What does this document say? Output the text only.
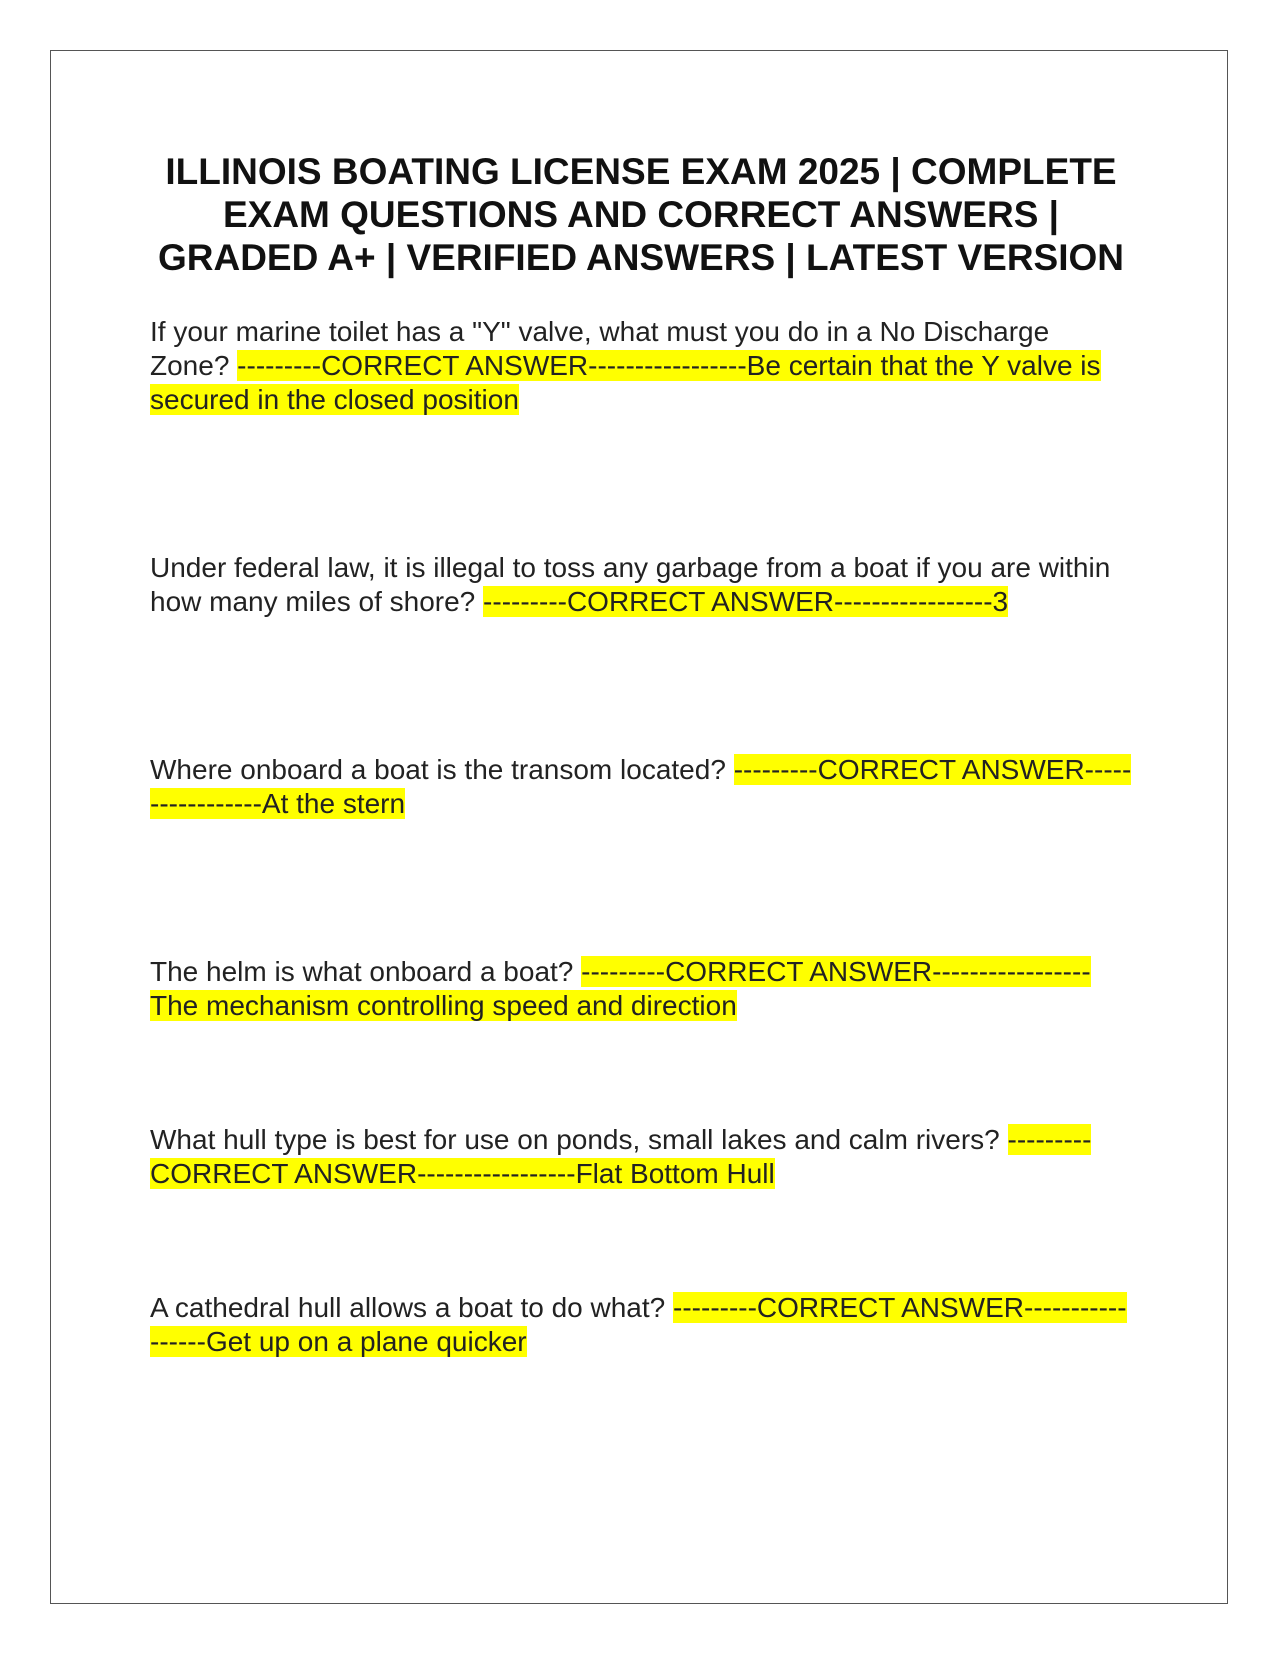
ILLINOIS BOATING LICENSE EXAM 2025 | COMPLETE EXAM QUESTIONS AND CORRECT ANSWERS | GRADED A+ | VERIFIED ANSWERS | LATEST VERSION

If your marine toilet has a "Y" valve, what must you do in a No Discharge Zone? ---------CORRECT ANSWER-----------------Be certain that the Y valve is secured in the closed position

Under federal law, it is illegal to toss any garbage from a boat if you are within how many miles of shore? ---------CORRECT ANSWER-----------------3

Where onboard a boat is the transom located? ---------CORRECT ANSWER-----------------At the stern

The helm is what onboard a boat? ---------CORRECT ANSWER-----------------The mechanism controlling speed and direction

What hull type is best for use on ponds, small lakes and calm rivers? ---------CORRECT ANSWER-----------------Flat Bottom Hull

A cathedral hull allows a boat to do what? ---------CORRECT ANSWER-----------------Get up on a plane quicker
